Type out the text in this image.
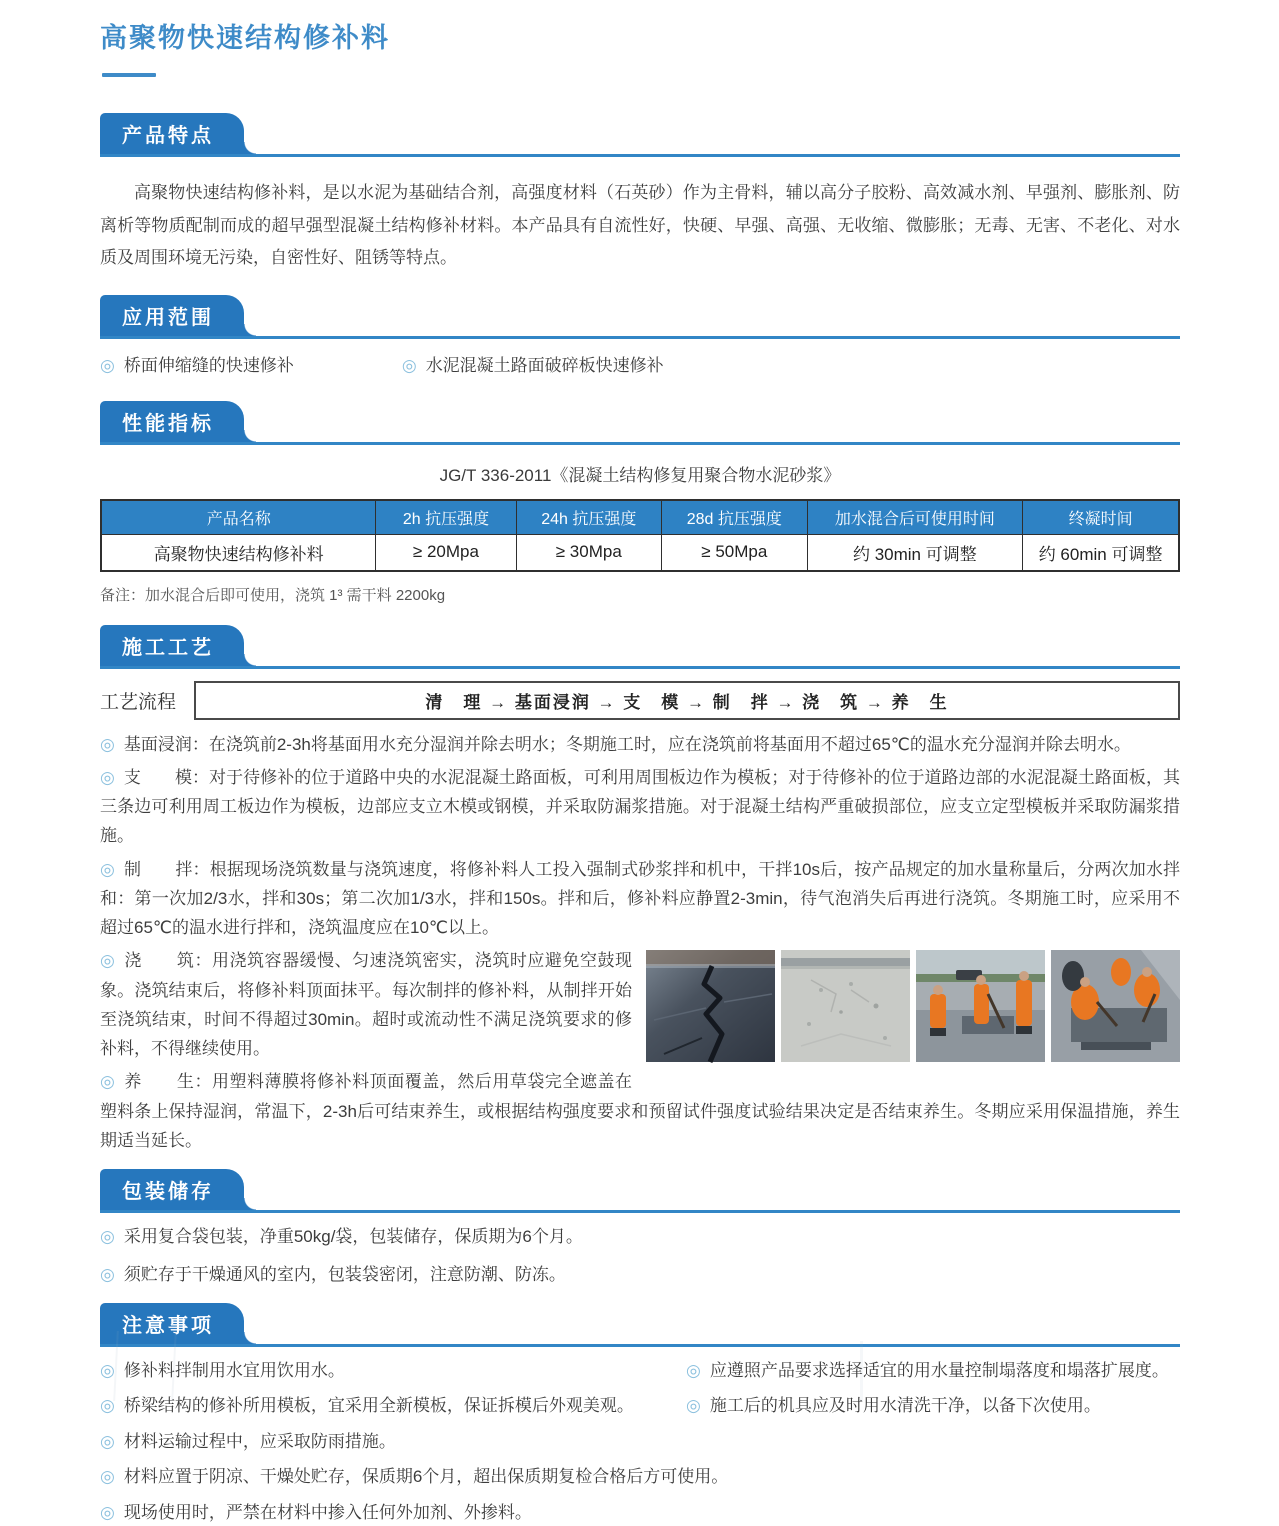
高聚物快速结构修补料
产品特点

高聚物快速结构修补料，是以水泥为基础结合剂，高强度材料（石英砂）作为主骨料，辅以高分子胶粉、高效减水剂、早强剂、膨胀剂、防离析等物质配制而成的超早强型混凝土结构修补材料。本产品具有自流性好，快硬、早强、高强、无收缩、微膨胀；无毒、无害、不老化、对水质及周围环境无污染，自密性好、阻锈等特点。

应用范围

◎ 桥面伸缩缝的快速修补 ◎	水泥混凝土路面破碎板快速修补

性能指标

JG/T 336-2011《混凝土结构修复用聚合物水泥砂浆》

产品名称	2h 抗压强度	24h 抗压强度	28d 抗压强度	加水混合后可使用时间	终凝时间
高聚物快速结构修补料	≥ 20Mpa	≥ 30Mpa	≥ 50Mpa	约 30min 可调整	约 60min 可调整

备注：加水混合后即可使用，浇筑 1³ 需干料 2200kg

施工工艺
工艺流程	清　理 → 基面浸润 → 支　模 → 制　拌 → 浇　筑 → 养　生

◎ 基面浸润：在浇筑前2-3h将基面用水充分湿润并除去明水；冬期施工时，应在浇筑前将基面用不超过65℃的温水充分湿润并除去明水。

◎ 支　　模：对于待修补的位于道路中央的水泥混凝土路面板，可利用周围板边作为模板；对于待修补的位于道路边部的水泥混凝土路面板，其三条边可利用周工板边作为模板，边部应支立木模或钢模，并采取防漏浆措施。对于混凝土结构严重破损部位，应支立定型模板并采取防漏浆措施。

◎ 制　　拌：根据现场浇筑数量与浇筑速度，将修补料人工投入强制式砂浆拌和机中，干拌10s后，按产品规定的加水量称量后，分两次加水拌和：第一次加2/3水，拌和30s；第二次加1/3水，拌和150s。拌和后，修补料应静置2-3min，待气泡消失后再进行浇筑。冬期施工时，应采用不超过65℃的温水进行拌和，浇筑温度应在10℃以上。

◎ 浇　　筑：用浇筑容器缓慢、匀速浇筑密实，浇筑时应避免空鼓现象。浇筑结束后，将修补料顶面抹平。每次制拌的修补料，从制拌开始至浇筑结束，时间不得超过30min。超时或流动性不满足浇筑要求的修补料，不得继续使用。

◎ 养　　生：用塑料薄膜将修补料顶面覆盖，然后用草袋完全遮盖在塑料条上保持湿润，常温下，2-3h后可结束养生，或根据结构强度要求和预留试件强度试验结果决定是否结束养生。冬期应采用保温措施，养生期适当延长。

包装储存

◎ 采用复合袋包装，净重50kg/袋，包装储存，保质期为6个月。

◎ 须贮存于干燥通风的室内，包装袋密闭，注意防潮、防冻。

注意事项

◎ 修补料拌制用水宜用饮用水。 ◎	应遵照产品要求选择适宜的用水量控制塌落度和塌落扩展度。

◎ 桥梁结构的修补所用模板，宜采用全新模板，保证拆模后外观美观。 ◎	施工后的机具应及时用水清洗干净，以备下次使用。

◎ 材料运输过程中，应采取防雨措施。

◎ 材料应置于阴凉、干燥处贮存，保质期6个月，超出保质期复检合格后方可使用。

◎ 现场使用时，严禁在材料中掺入任何外加剂、外掺料。
